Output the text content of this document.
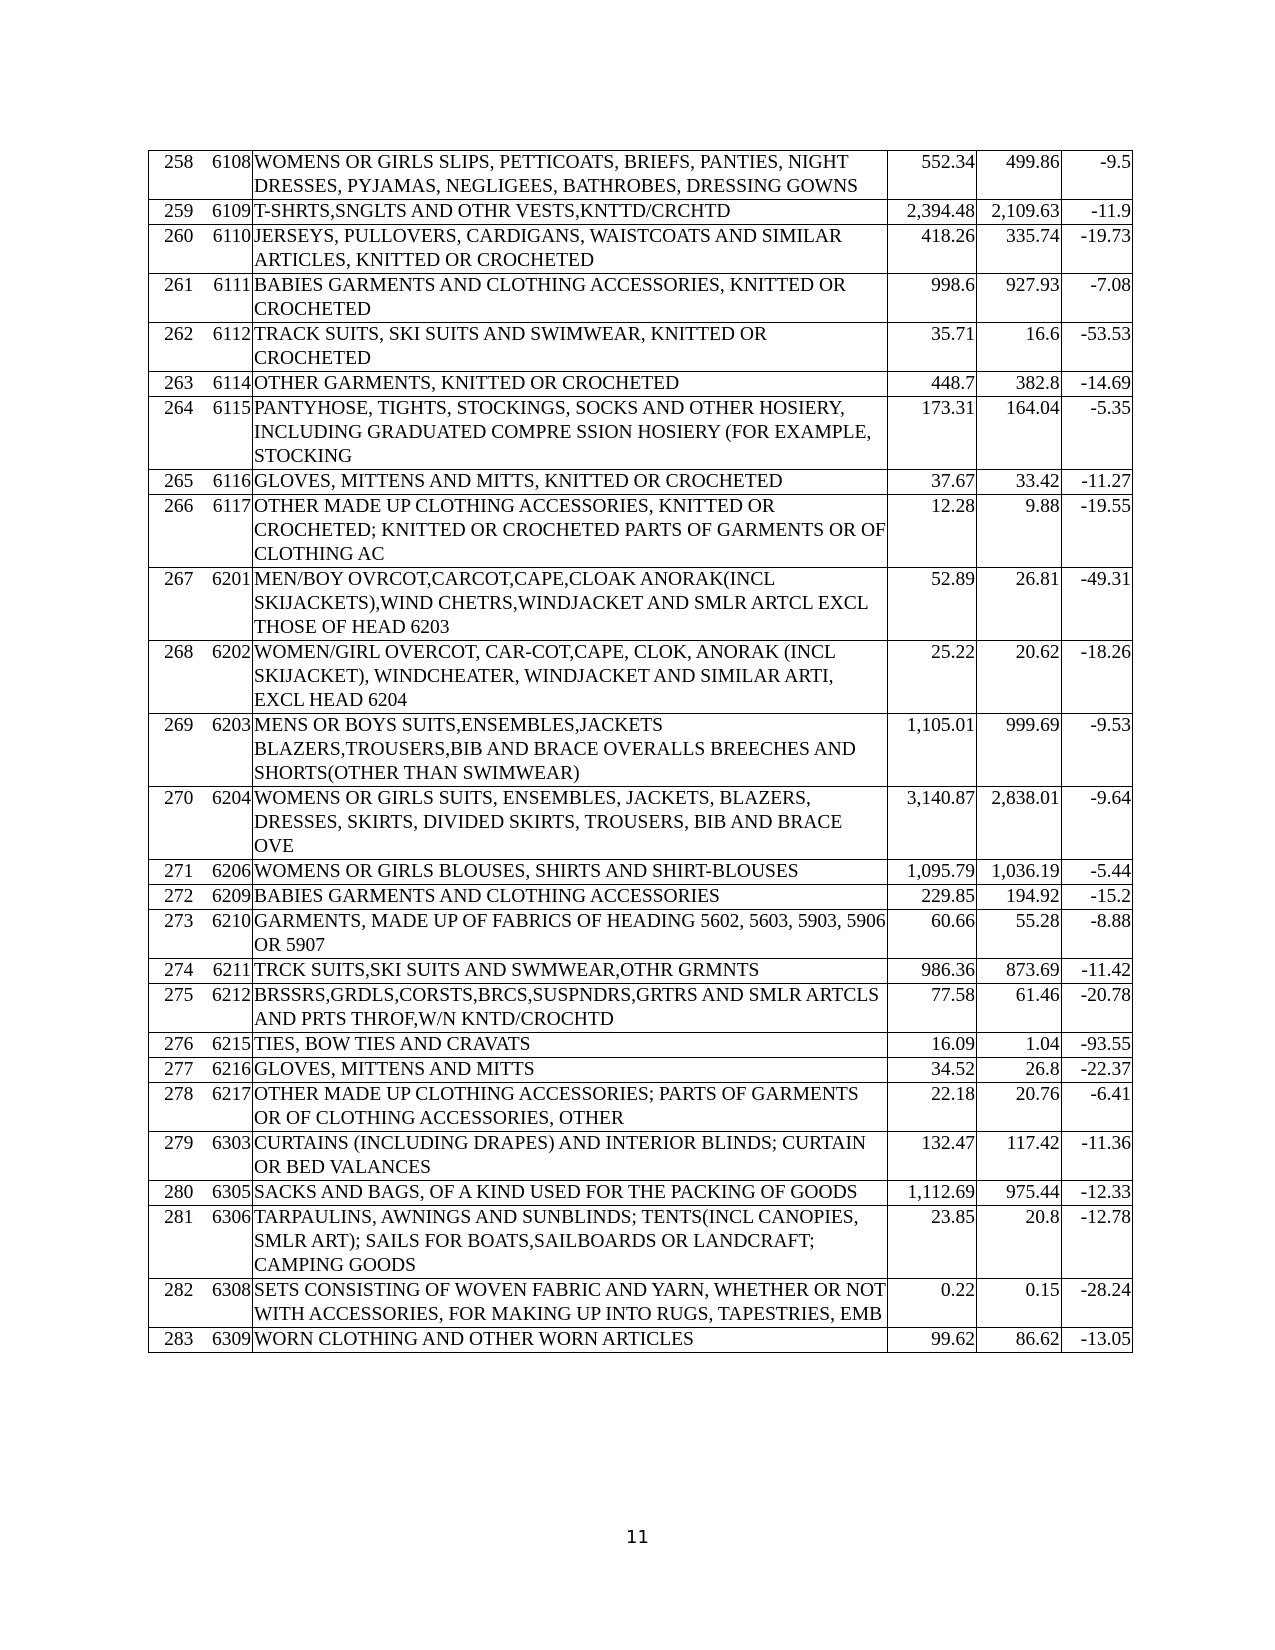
258	6108	WOMENS OR GIRLS SLIPS, PETTICOATS, BRIEFS, PANTIES, NIGHT DRESSES, PYJAMAS, NEGLIGEES, BATHROBES, DRESSING GOWNS	552.34	499.86	-9.5
259	6109	T-SHRTS,SNGLTS AND OTHR VESTS,KNTTD/CRCHTD	2,394.48	2,109.63	-11.9
260	6110	JERSEYS, PULLOVERS, CARDIGANS, WAISTCOATS AND SIMILAR ARTICLES, KNITTED OR CROCHETED	418.26	335.74	-19.73
261	6111	BABIES GARMENTS AND CLOTHING ACCESSORIES, KNITTED OR CROCHETED	998.6	927.93	-7.08
262	6112	TRACK SUITS, SKI SUITS AND SWIMWEAR, KNITTED OR CROCHETED	35.71	16.6	-53.53
263	6114	OTHER GARMENTS, KNITTED OR CROCHETED	448.7	382.8	-14.69
264	6115	PANTYHOSE, TIGHTS, STOCKINGS, SOCKS AND OTHER HOSIERY, INCLUDING GRADUATED COMPRE SSION HOSIERY (FOR EXAMPLE, STOCKING	173.31	164.04	-5.35
265	6116	GLOVES, MITTENS AND MITTS, KNITTED OR CROCHETED	37.67	33.42	-11.27
266	6117	OTHER MADE UP CLOTHING ACCESSORIES, KNITTED OR CROCHETED; KNITTED OR CROCHETED PARTS OF GARMENTS OR OF CLOTHING AC	12.28	9.88	-19.55
267	6201	MEN/BOY OVRCOT,CARCOT,CAPE,CLOAK ANORAK(INCL SKIJACKETS),WIND CHETRS,WINDJACKET AND SMLR ARTCL EXCL THOSE OF HEAD 6203	52.89	26.81	-49.31
268	6202	WOMEN/GIRL OVERCOT, CAR-COT,CAPE, CLOK, ANORAK (INCL SKIJACKET), WINDCHEATER, WINDJACKET AND SIMILAR ARTI, EXCL HEAD 6204	25.22	20.62	-18.26
269	6203	MENS OR BOYS SUITS,ENSEMBLES,JACKETS BLAZERS,TROUSERS,BIB AND BRACE OVERALLS BREECHES AND SHORTS(OTHER THAN SWIMWEAR)	1,105.01	999.69	-9.53
270	6204	WOMENS OR GIRLS SUITS, ENSEMBLES, JACKETS, BLAZERS, DRESSES, SKIRTS, DIVIDED SKIRTS, TROUSERS, BIB AND BRACE OVE	3,140.87	2,838.01	-9.64
271	6206	WOMENS OR GIRLS BLOUSES, SHIRTS AND SHIRT-BLOUSES	1,095.79	1,036.19	-5.44
272	6209	BABIES GARMENTS AND CLOTHING ACCESSORIES	229.85	194.92	-15.2
273	6210	GARMENTS, MADE UP OF FABRICS OF HEADING 5602, 5603, 5903, 5906 OR 5907	60.66	55.28	-8.88
274	6211	TRCK SUITS,SKI SUITS AND SWMWEAR,OTHR GRMNTS	986.36	873.69	-11.42
275	6212	BRSSRS,GRDLS,CORSTS,BRCS,SUSPNDRS,GRTRS AND SMLR ARTCLS AND PRTS THROF,W/N KNTD/CROCHTD	77.58	61.46	-20.78
276	6215	TIES, BOW TIES AND CRAVATS	16.09	1.04	-93.55
277	6216	GLOVES, MITTENS AND MITTS	34.52	26.8	-22.37
278	6217	OTHER MADE UP CLOTHING ACCESSORIES; PARTS OF GARMENTS OR OF CLOTHING ACCESSORIES, OTHER	22.18	20.76	-6.41
279	6303	CURTAINS (INCLUDING DRAPES) AND INTERIOR BLINDS; CURTAIN OR BED VALANCES	132.47	117.42	-11.36
280	6305	SACKS AND BAGS, OF A KIND USED FOR THE PACKING OF GOODS	1,112.69	975.44	-12.33
281	6306	TARPAULINS, AWNINGS AND SUNBLINDS; TENTS(INCL CANOPIES, SMLR ART); SAILS FOR BOATS,SAILBOARDS OR LANDCRAFT; CAMPING GOODS	23.85	20.8	-12.78
282	6308	SETS CONSISTING OF WOVEN FABRIC AND YARN, WHETHER OR NOT WITH ACCESSORIES, FOR MAKING UP INTO RUGS, TAPESTRIES, EMB	0.22	0.15	-28.24
283	6309	WORN CLOTHING AND OTHER WORN ARTICLES	99.62	86.62	-13.05
11
